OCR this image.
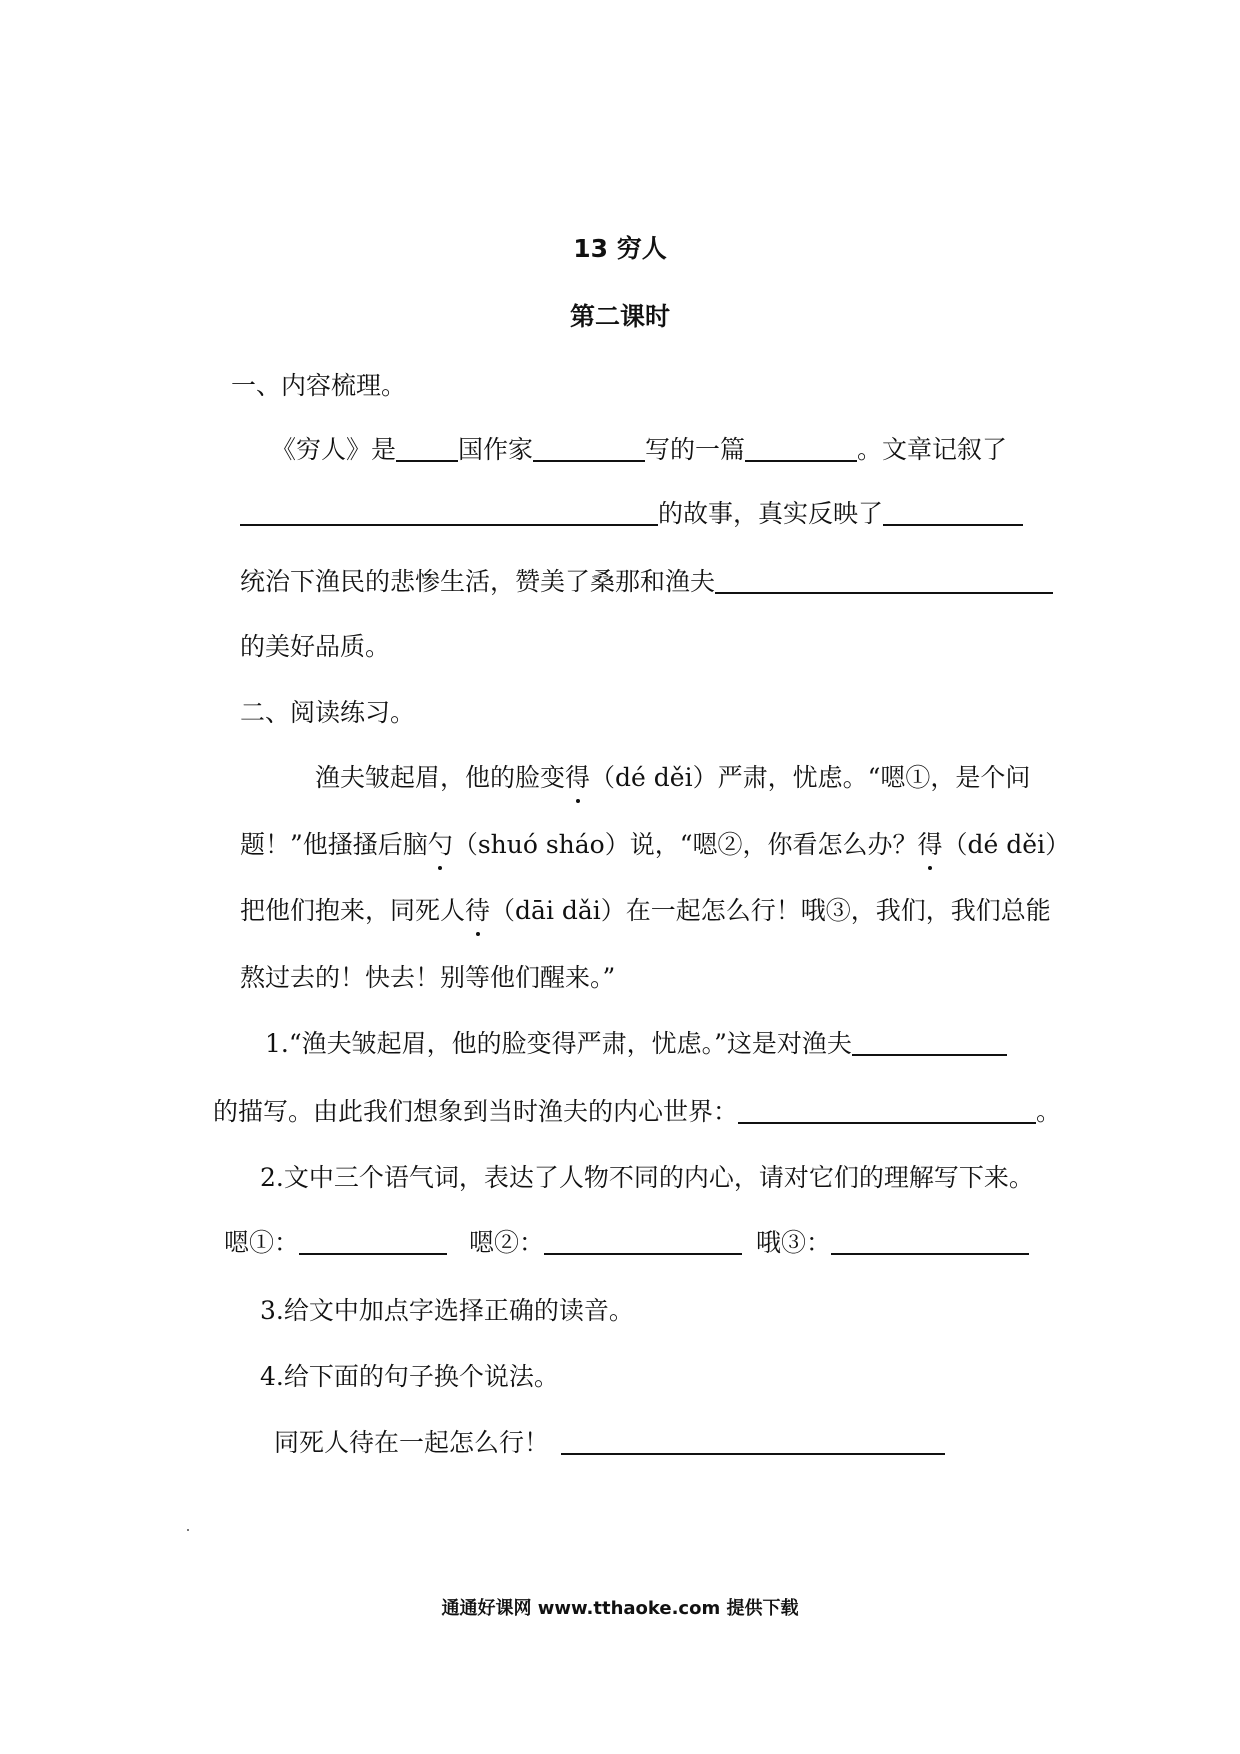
13 穷人
第二课时
一、内容梳理。
《穷人》是 国作家	写的一篇	。文章记叙了
的故事，真实反映了
统治下渔民的悲惨生活，赞美了桑那和渔夫
的美好品质。
二、阅读练习。
渔夫皱起眉，他的脸变得（dé děi）严肃，忧虑。“嗯①，是个问
题！”他搔搔后脑勺（shuó sháo）说，“嗯②，你看怎么办？得（dé děi）
把他们抱来，同死人待（dāi dǎi）在一起怎么行！哦③，我们，我们总能
熬过去的！快去！别等他们醒来。”
1.“渔夫皱起眉，他的脸变得严肃，忧虑。”这是对渔夫
的描写。由此我们想象到当时渔夫的内心世界：	。
2.文中三个语气词，表达了人物不同的内心，请对它们的理解写下来。
嗯①：	嗯②：	哦③：
3.给文中加点字选择正确的读音。
4.给下面的句子换个说法。
同死人待在一起怎么行！
通通好课网 www.tthaoke.com 提供下载
